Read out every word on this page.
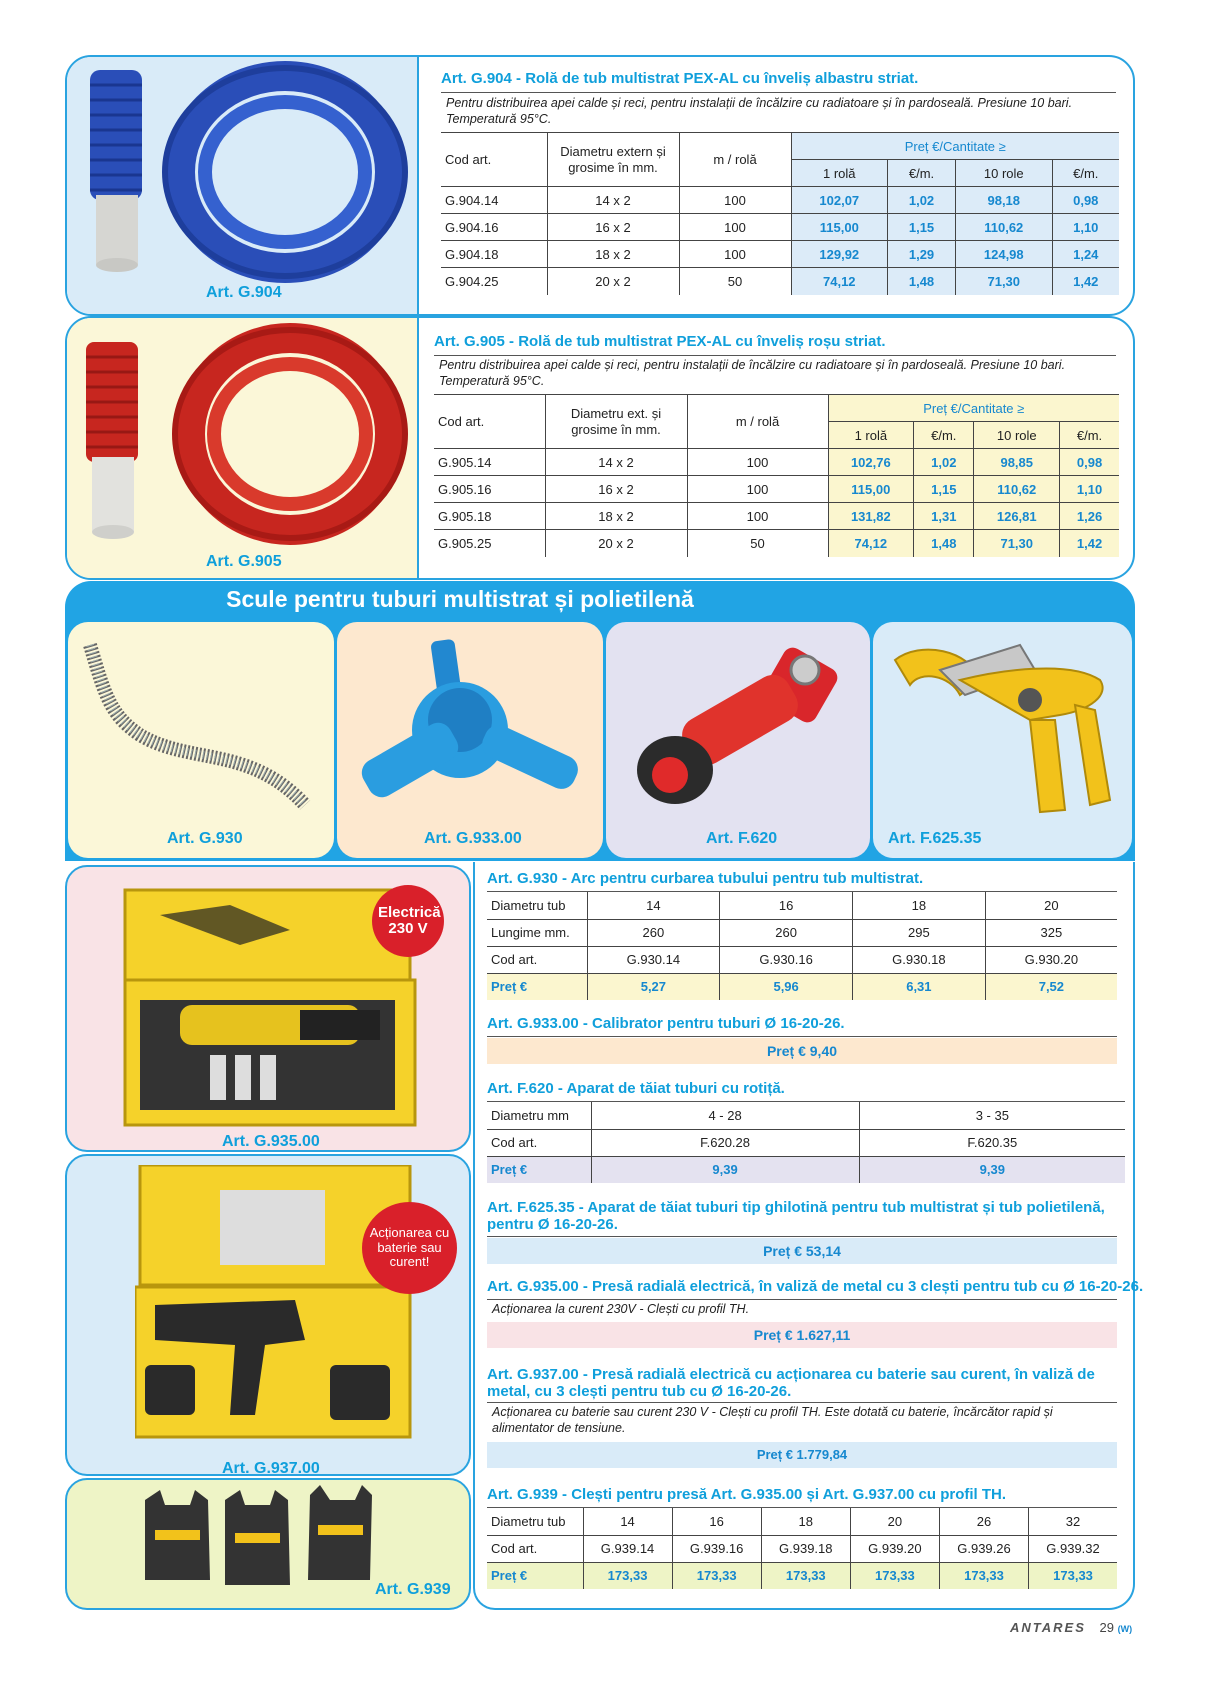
Art. G.904
Art. G.904 - Rolă de tub multistrat PEX-AL cu înveliș albastru striat.
Pentru distribuirea apei calde și reci, pentru instalații de încălzire cu radiatoare și în pardoseală. Presiune 10 bari. Temperatură 95°C.
Cod art.	Diametru extern și grosime în mm.	m / rolă	Preț €/Cantitate ≥			
			1 rolă	€/m.	10 role	€/m.
G.904.14	14 x 2	100	102,07	1,02	98,18	0,98
G.904.16	16 x 2	100	115,00	1,15	110,62	1,10
G.904.18	18 x 2	100	129,92	1,29	124,98	1,24
G.904.25	20 x 2	50	74,12	1,48	71,30	1,42
Art. G.905
Art. G.905 - Rolă de tub multistrat PEX-AL cu înveliș roșu striat.
Pentru distribuirea apei calde și reci, pentru instalații de încălzire cu radiatoare și în pardoseală. Presiune 10 bari. Temperatură 95°C.
Cod art.	Diametru ext. și grosime în mm.	m / rolă	Preț €/Cantitate ≥			
			1 rolă	€/m.	10 role	€/m.
G.905.14	14 x 2	100	102,76	1,02	98,85	0,98
G.905.16	16 x 2	100	115,00	1,15	110,62	1,10
G.905.18	18 x 2	100	131,82	1,31	126,81	1,26
G.905.25	20 x 2	50	74,12	1,48	71,30	1,42
Scule pentru tuburi multistrat și polietilenă
Art. G.930	Art. G.933.00	Art. F.620	Art. F.625.35
Electrică 230 V
Art. G.935.00
Acționarea cu baterie sau curent!
Art. G.937.00
Art. G.939
Art. G.930 - Arc pentru curbarea tubului pentru tub multistrat.
Diametru tub	14	16	18	20
Lungime mm.	260	260	295	325
Cod art.	G.930.14	G.930.16	G.930.18	G.930.20
Preț €	5,27	5,96	6,31	7,52
Art. G.933.00 - Calibrator pentru tuburi Ø 16-20-26.
Preț € 9,40
Art. F.620 - Aparat de tăiat tuburi cu rotiță.
Diametru mm	4 - 28	3 - 35
Cod art.	F.620.28	F.620.35
Preț €	9,39	9,39
Art. F.625.35 - Aparat de tăiat tuburi tip ghilotină pentru tub multistrat și tub polietilenă, pentru Ø 16-20-26.
Preț € 53,14
Art. G.935.00 - Presă radială electrică, în valiză de metal cu 3 clești pentru tub cu Ø 16-20-26.
Acționarea la curent 230V - Clești cu profil TH.
Preț € 1.627,11
Art. G.937.00 - Presă radială electrică cu acționarea cu baterie sau curent, în valiză de metal, cu 3 clești pentru tub cu Ø 16-20-26.
Acționarea cu baterie sau curent 230 V - Clești cu profil TH. Este dotată cu baterie, încărcător rapid și alimentator de tensiune.
Preț € 1.779,84
Art. G.939 - Clești pentru presă Art. G.935.00 și Art. G.937.00 cu profil TH.
Diametru tub	14	16	18	20	26	32
Cod art.	G.939.14	G.939.16	G.939.18	G.939.20	G.939.26	G.939.32
Preț €	173,33	173,33	173,33	173,33	173,33	173,33
ANTARES 29 (W)
